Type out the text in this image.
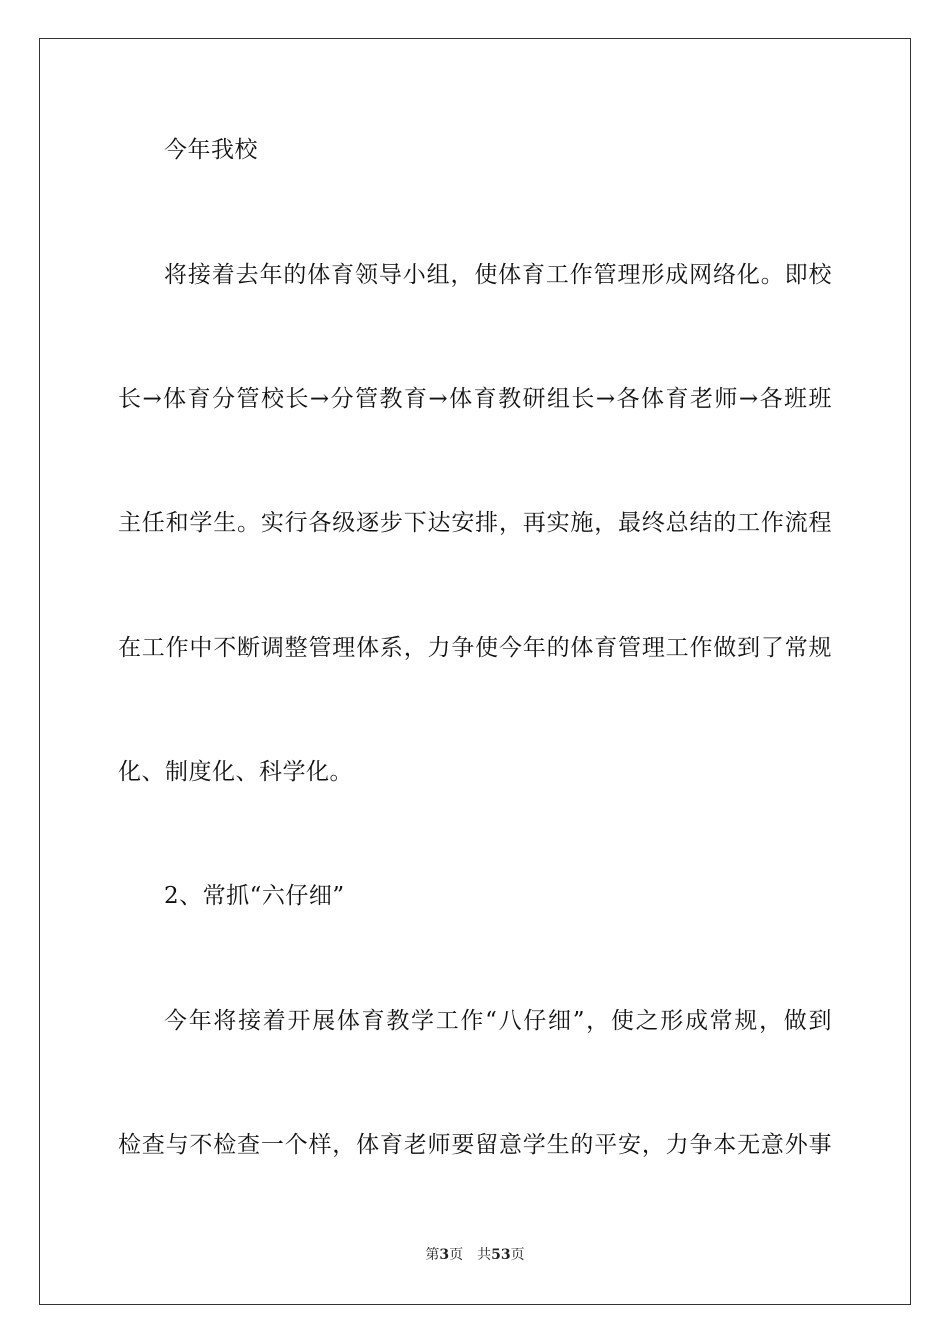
今年我校
将接着去年的体育领导小组，使体育工作管理形成网络化。即校
长→体育分管校长→分管教育→体育教研组长→各体育老师→各班班
主任和学生。实行各级逐步下达安排，再实施，最终总结的工作流程
在工作中不断调整管理体系，力争使今年的体育管理工作做到了常规
化、制度化、科学化。
2、常抓“六仔细”
今年将接着开展体育教学工作“八仔细”，使之形成常规，做到
检查与不检查一个样，体育老师要留意学生的平安，力争本无意外事
第3页 共53页
